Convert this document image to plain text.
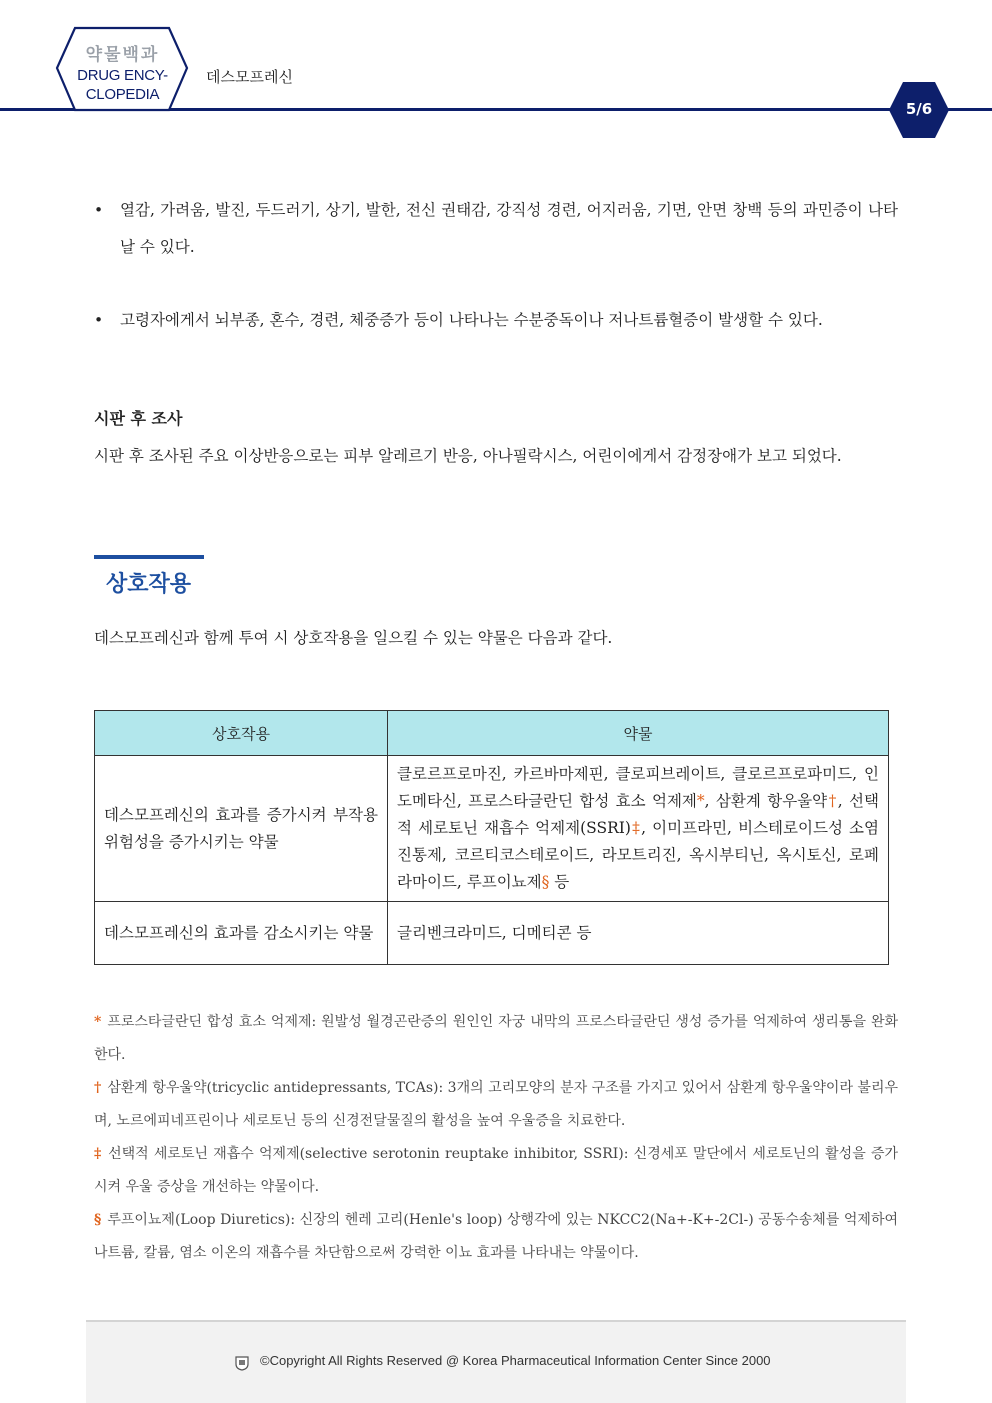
약물백과
DRUG ENCY-
CLOPEDIA
데스모프레신
5/6
• 열감, 가려움, 발진, 두드러기, 상기, 발한, 전신 권태감, 강직성 경련, 어지러움, 기면, 안면 창백 등의 과민증이 나타날 수 있다.
• 고령자에게서 뇌부종, 혼수, 경련, 체중증가 등이 나타나는 수분중독이나 저나트륨혈증이 발생할 수 있다.
시판 후 조사
시판 후 조사된 주요 이상반응으로는 피부 알레르기 반응, 아나필락시스, 어린이에게서 감정장애가 보고 되었다.
상호작용
데스모프레신과 함께 투여 시 상호작용을 일으킬 수 있는 약물은 다음과 같다.
상호작용	약물
데스모프레신의 효과를 증가시켜 부작용 위험성을 증가시키는 약물	클로르프로마진, 카르바마제핀, 클로피브레이트, 클로르프로파미드, 인도메타신, 프로스타글란딘 합성 효소 억제제*, 삼환계 항우울약†, 선택적 세로토닌 재흡수 억제제(SSRI)‡, 이미프라민, 비스테로이드성 소염진통제, 코르티코스테로이드, 라모트리진, 옥시부티닌, 옥시토신, 로페라마이드, 루프이뇨제§ 등
데스모프레신의 효과를 감소시키는 약물	글리벤크라미드, 디메티콘 등
* 프로스타글란딘 합성 효소 억제제: 원발성 월경곤란증의 원인인 자궁 내막의 프로스타글란딘 생성 증가를 억제하여 생리통을 완화한다.
† 삼환계 항우울약(tricyclic antidepressants, TCAs): 3개의 고리모양의 분자 구조를 가지고 있어서 삼환계 항우울약이라 불리우며, 노르에피네프린이나 세로토닌 등의 신경전달물질의 활성을 높여 우울증을 치료한다.
‡ 선택적 세로토닌 재흡수 억제제(selective serotonin reuptake inhibitor, SSRI): 신경세포 말단에서 세로토닌의 활성을 증가시켜 우울 증상을 개선하는 약물이다.
§ 루프이뇨제(Loop Diuretics): 신장의 헨레 고리(Henle's loop) 상행각에 있는 NKCC2(Na+-K+-2Cl-) 공동수송체를 억제하여 나트륨, 칼륨, 염소 이온의 재흡수를 차단함으로써 강력한 이뇨 효과를 나타내는 약물이다.
©Copyright All Rights Reserved @ Korea Pharmaceutical Information Center Since 2000
